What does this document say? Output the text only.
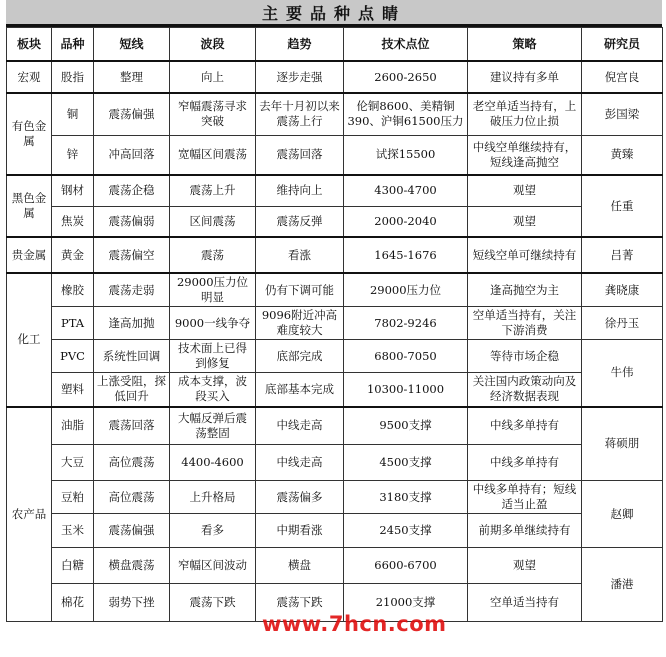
主要品种点睛
板块	品种	短线	波段	趋势	技术点位	策略	研究员
宏观	股指	整理	向上	逐步走强	2600-2650	建议持有多单	倪宫良
有色金属	铜	震荡偏强	窄幅震荡寻求突破	去年十月初以来震荡上行	伦铜8600、美精铜390、沪铜61500压力	老空单适当持有，上破压力位止损	彭国梁
	锌	冲高回落	宽幅区间震荡	震荡回落	试探15500	中线空单继续持有，短线逢高抛空	黄臻
黑色金属	钢材	震荡企稳	震荡上升	维持向上	4300-4700	观望	任重
	焦炭	震荡偏弱	区间震荡	震荡反弹	2000-2040	观望	
贵金属	黄金	震荡偏空	震荡	看涨	1645-1676	短线空单可继续持有	吕菁
化工	橡胶	震荡走弱	29000压力位明显	仍有下调可能	29000压力位	逢高抛空为主	龚晓康
	PTA	逢高加抛	9000一线争夺	9096附近冲高难度较大	7802-9246	空单适当持有，关注下游消费	徐丹玉
	PVC	系统性回调	技术面上已得到修复	底部完成	6800-7050	等待市场企稳	牛伟
	塑料	上涨受阻，探低回升	成本支撑，波段买入	底部基本完成	10300-11000	关注国内政策动向及经济数据表现	
农产品	油脂	震荡回落	大幅反弹后震荡整固	中线走高	9500支撑	中线多单持有	蒋硕朋
	大豆	高位震荡	4400-4600	中线走高	4500支撑	中线多单持有	
	豆粕	高位震荡	上升格局	震荡偏多	3180支撑	中线多单持有；短线适当止盈	赵卿
	玉米	震荡偏强	看多	中期看涨	2450支撑	前期多单继续持有	
	白糖	横盘震荡	窄幅区间波动	横盘	6600-6700	观望	潘港
	棉花	弱势下挫	震荡下跌	震荡下跌	21000支撑	空单适当持有	
www.7hcn.com
